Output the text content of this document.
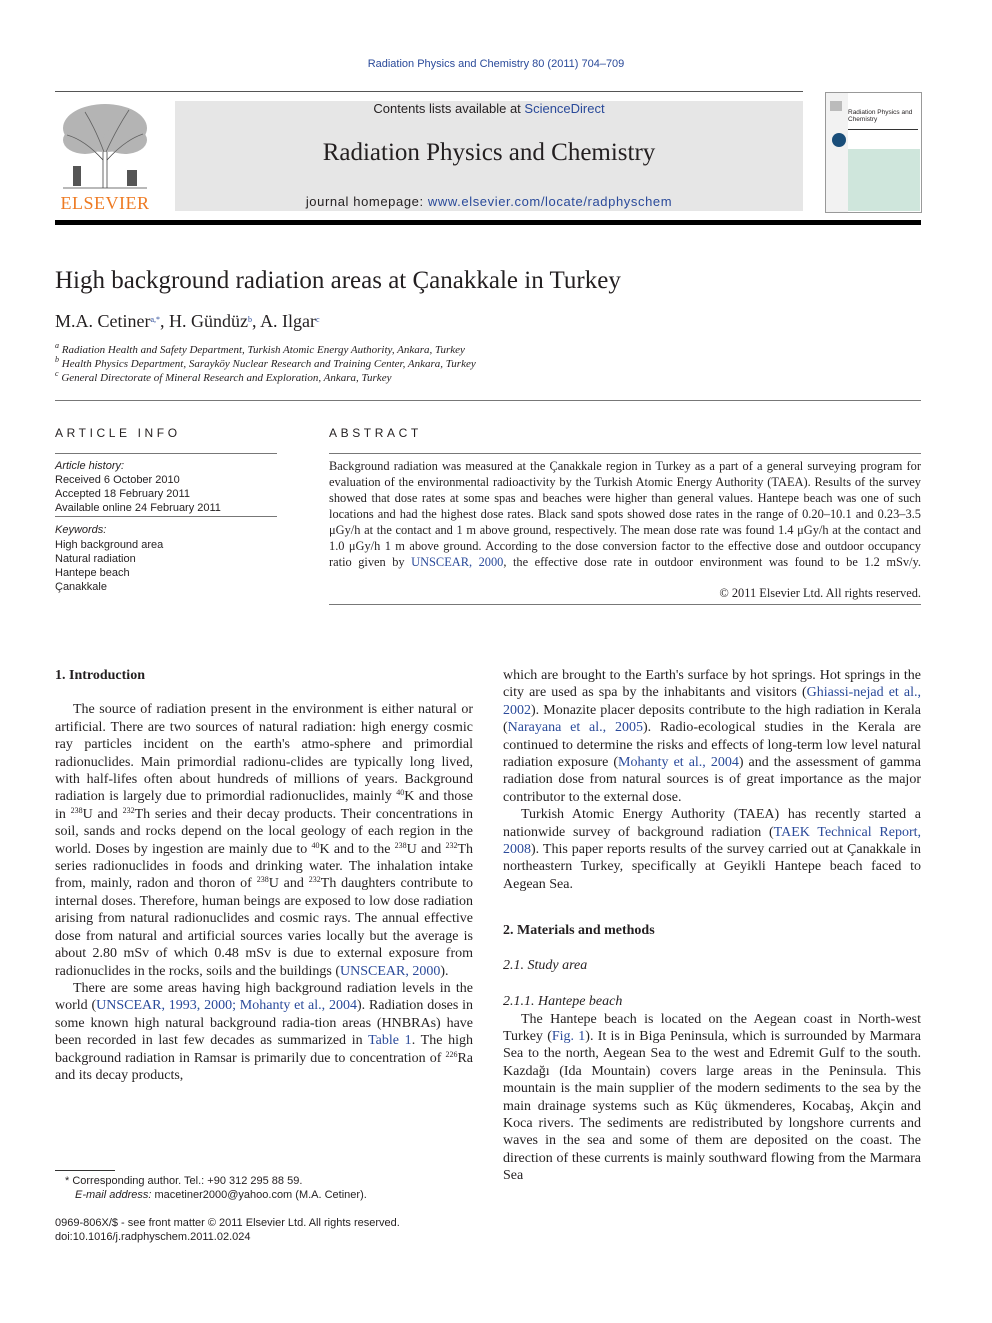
Radiation Physics and Chemistry 80 (2011) 704–709
ELSEVIER
Contents lists available at ScienceDirect
Radiation Physics and Chemistry
journal homepage: www.elsevier.com/locate/radphyschem
Radiation Physics and Chemistry
High background radiation areas at Çanakkale in Turkey
M.A. Cetiner$^{a,*}$, H. Gündüz$^b$, A. Ilgar$^c$
$^a$ Radiation Health and Safety Department, Turkish Atomic Energy Authority, Ankara, Turkey
$^b$ Health Physics Department, Sarayköy Nuclear Research and Training Center, Ankara, Turkey
$^c$ General Directorate of Mineral Research and Exploration, Ankara, Turkey
ARTICLE INFO
Article history:
Received 6 October 2010
Accepted 18 February 2011
Available online 24 February 2011
Keywords:
High background area
Natural radiation
Hantepe beach
Çanakkale
ABSTRACT
Background radiation was measured at the Çanakkale region in Turkey as a part of a general surveying program for evaluation of the environmental radioactivity by the Turkish Atomic Energy Authority (TAEA). Results of the survey showed that dose rates at some spas and beaches were higher than general values. Hantepe beach was one of such locations and had the highest dose rates. Black sand spots showed dose rates in the range of 0.20–10.1 and 0.23–3.5 μGy/h at the contact and 1 m above ground, respectively. The mean dose rate was found 1.4 μGy/h at the contact and 1.0 μGy/h 1 m above ground. According to the dose conversion factor to the effective dose and outdoor occupancy ratio given by UNSCEAR, 2000, the effective dose rate in outdoor environment was found to be 1.2 mSv/y.
© 2011 Elsevier Ltd. All rights reserved.
1. Introduction

The source of radiation present in the environment is either natural or artificial. There are two sources of natural radiation: high energy cosmic ray particles incident on the earth's atmo-sphere and primordial radionuclides. Main primordial radionu-clides are typically long lived, with half-lifes often about hundreds of millions of years. Background radiation is largely due to primordial radionuclides, mainly $^{40}$K and those in $^{238}$U and $^{232}$Th series and their decay products. Their concentrations in soil, sands and rocks depend on the local geology of each region in the world. Doses by ingestion are mainly due to $^{40}$K and to the $^{238}$U and $^{232}$Th series radionuclides in foods and drinking water. The inhalation intake from, mainly, radon and thoron of $^{238}$U and $^{232}$Th daughters contribute to internal doses. Therefore, human beings are exposed to low dose radiation arising from natural radionuclides and cosmic rays. The annual effective dose from natural and artificial sources varies locally but the average is about 2.80 mSv of which 0.48 mSv is due to external exposure from radionuclides in the rocks, soils and the buildings (UNSCEAR, 2000).

There are some areas having high background radiation levels in the world (UNSCEAR, 1993, 2000; Mohanty et al., 2004). Radiation doses in some known high natural background radia-tion areas (HNBRAs) have been recorded in last few decades as summarized in Table 1. The high background radiation in Ramsar is primarily due to concentration of $^{226}$Ra and its decay products,

which are brought to the Earth's surface by hot springs. Hot springs in the city are used as spa by the inhabitants and visitors (Ghiassi-nejad et al., 2002). Monazite placer deposits contribute to the high radiation in Kerala (Narayana et al., 2005). Radio-ecological studies in the Kerala are continued to determine the risks and effects of long-term low level natural radiation exposure (Mohanty et al., 2004) and the assessment of gamma radiation dose from natural sources is of great importance as the major contributor to the external dose.

Turkish Atomic Energy Authority (TAEA) has recently started a nationwide survey of background radiation (TAEK Technical Report, 2008). This paper reports results of the survey carried out at Çanakkale in northeastern Turkey, specifically at Geyikli Hantepe beach faced to Aegean Sea.

2. Materials and methods
2.1. Study area
2.1.1. Hantepe beach

The Hantepe beach is located on the Aegean coast in North-west Turkey (Fig. 1). It is in Biga Peninsula, which is surrounded by Marmara Sea to the north, Aegean Sea to the west and Edremit Gulf to the south. Kazdağı (Ida Mountain) covers large areas in the Peninsula. This mountain is the main supplier of the modern sediments to the sea by the main drainage systems such as Küç ükmenderes, Kocabaş, Akçin and Koca rivers. The sediments are redistributed by longshore currents and waves in the sea and some of them are deposited on the coast. The direction of these currents is mainly southward flowing from the Marmara Sea

* Corresponding author. Tel.: +90 312 295 88 59.
E-mail address: macetiner2000@yahoo.com (M.A. Cetiner).
0969-806X/$ - see front matter © 2011 Elsevier Ltd. All rights reserved.
doi:10.1016/j.radphyschem.2011.02.024
